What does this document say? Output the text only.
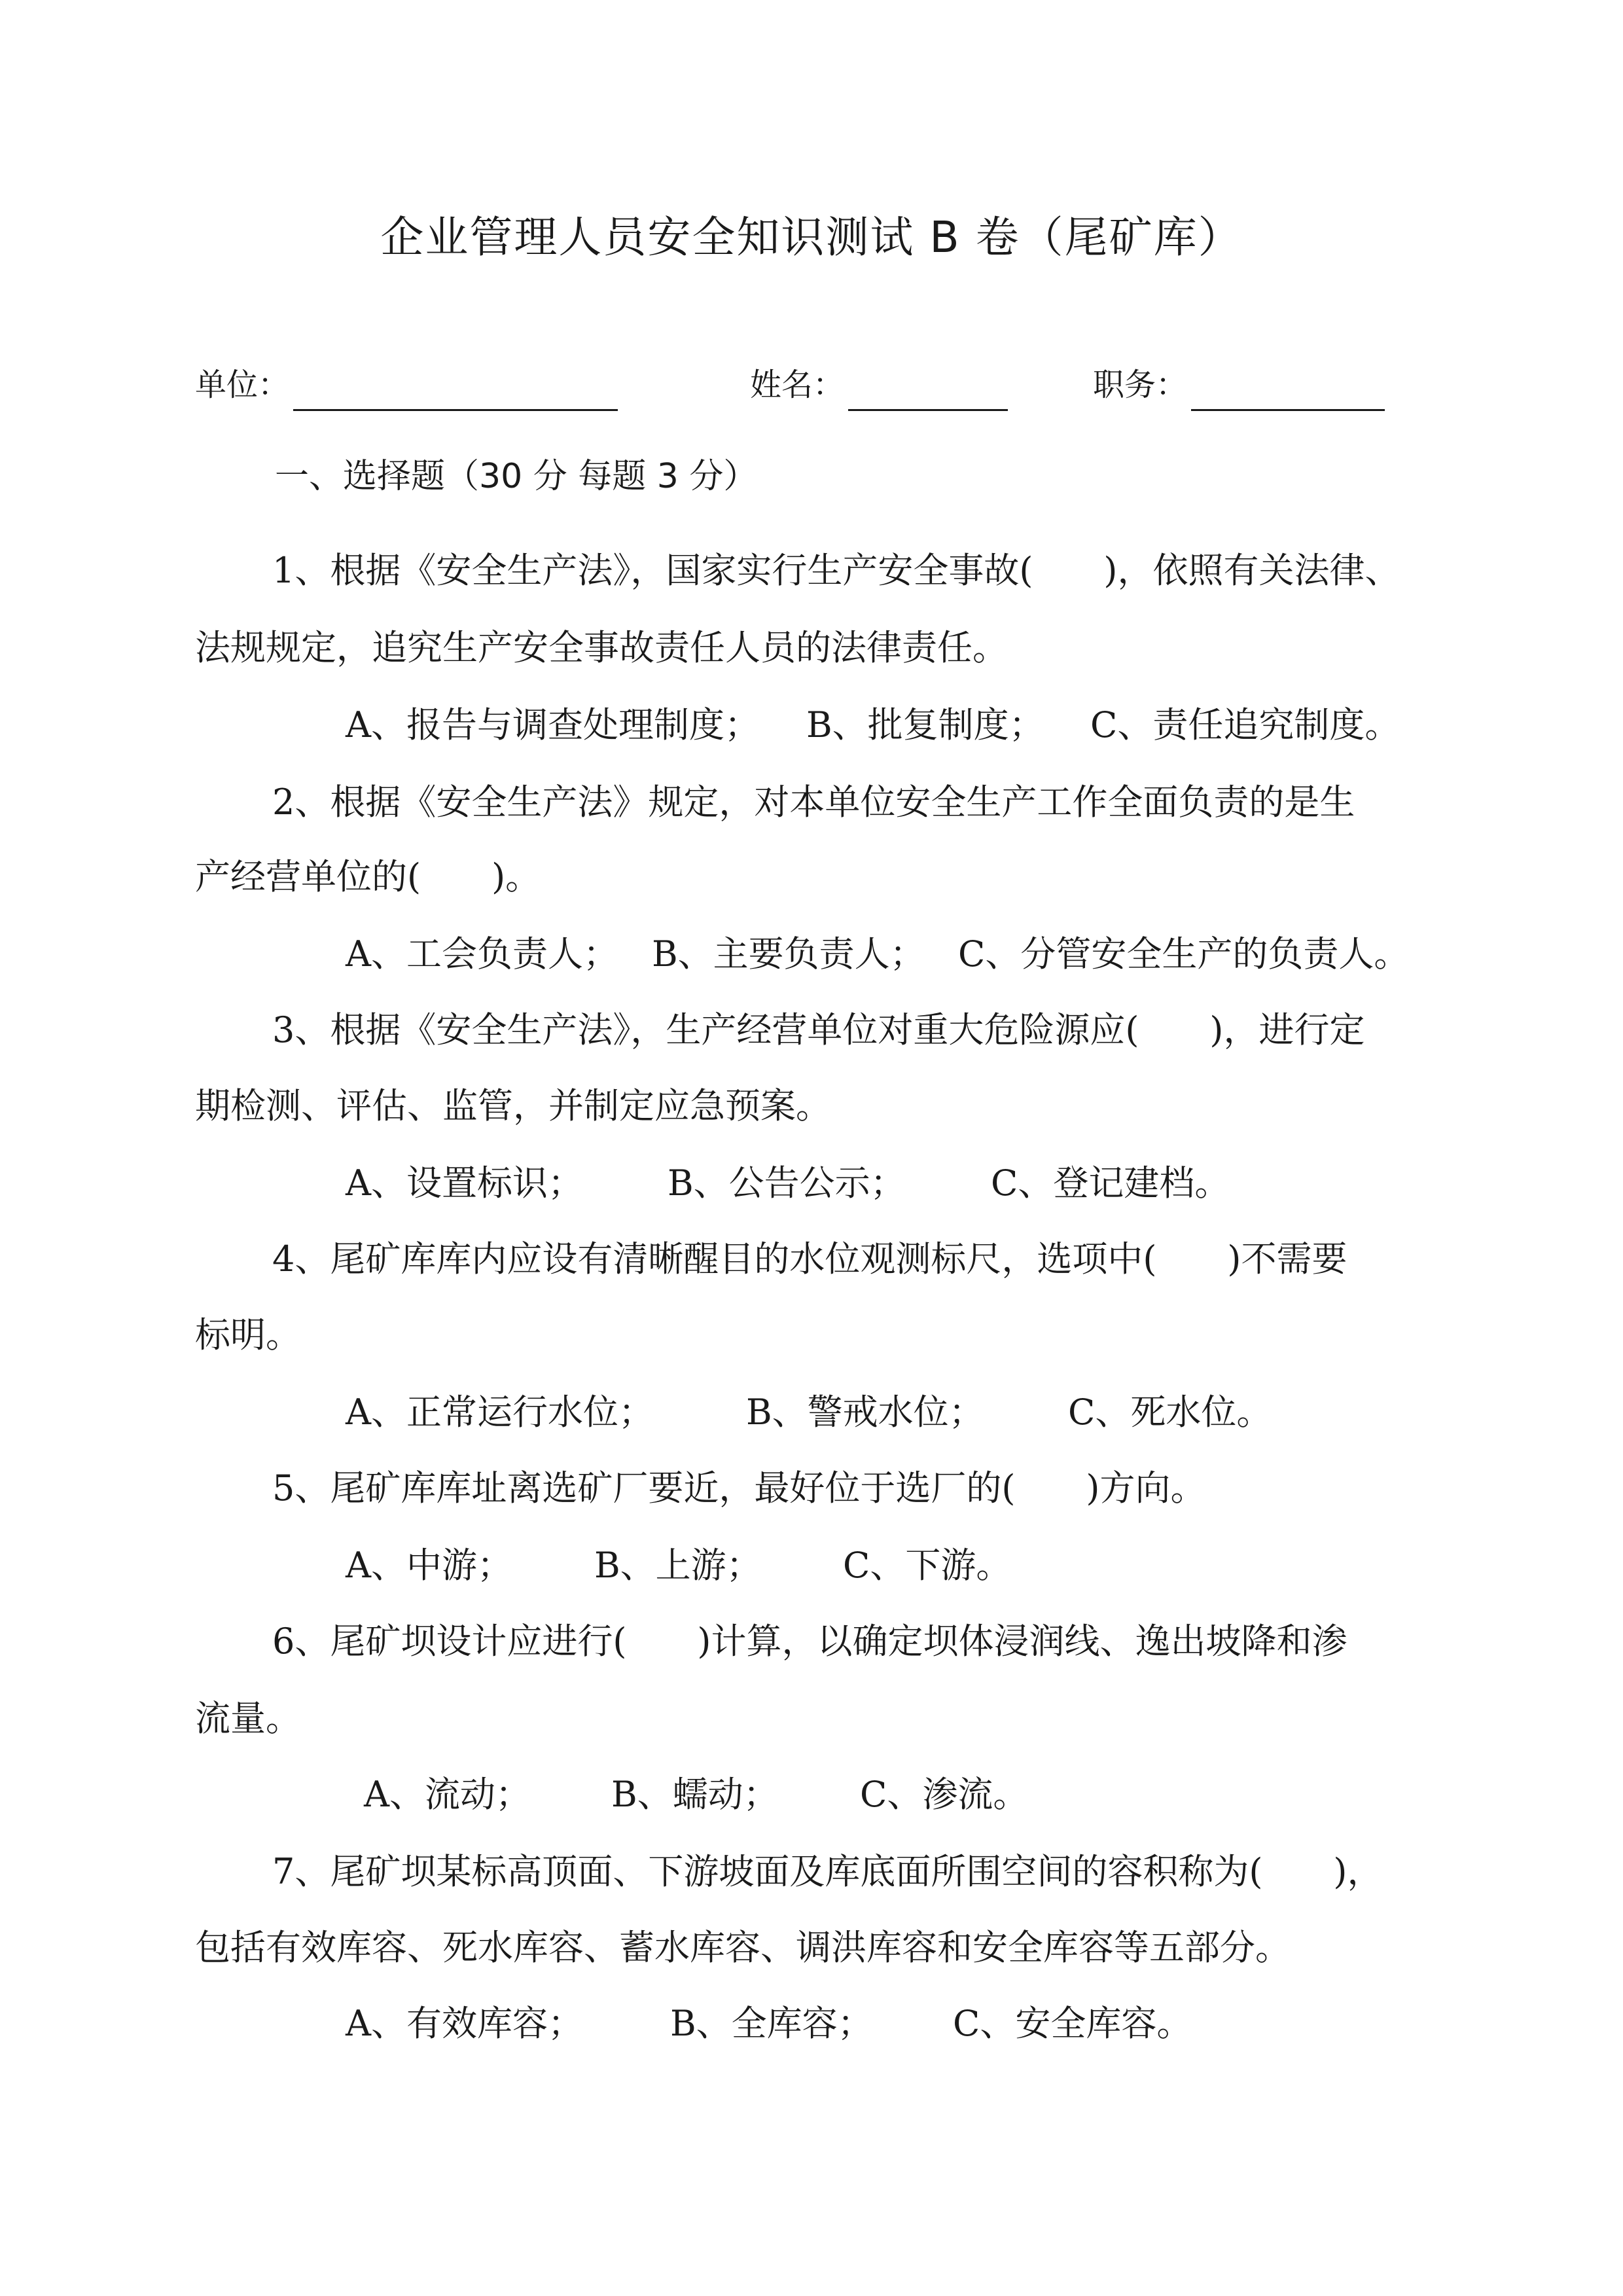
企业管理人员安全知识测试 B 卷（尾矿库）
单位：	姓名：	职务：
一、选择题（30 分 每题 3 分）
1、根据《安全生产法》，国家实行生产安全事故(　　)，依照有关法律、
法规规定，追究生产安全事故责任人员的法律责任。
A、报告与调查处理制度； B、批复制度； C、责任追究制度。
2、根据《安全生产法》规定，对本单位安全生产工作全面负责的是生
产经营单位的(　　)。
A、工会负责人； B、主要负责人； C、分管安全生产的负责人。
3、根据《安全生产法》，生产经营单位对重大危险源应(　　)，进行定
期检测、评估、监管，并制定应急预案。
A、设置标识； B、公告公示； C、登记建档。
4、尾矿库库内应设有清晰醒目的水位观测标尺，选项中(　　)不需要
标明。
A、正常运行水位；	B、警戒水位； C、死水位。
5、尾矿库库址离选矿厂要近，最好位于选厂的(　　)方向。
A、中游； B、上游； C、下游。
6、尾矿坝设计应进行(　　)计算，以确定坝体浸润线、逸出坡降和渗
流量。
A、流动； B、蠕动； C、渗流。
7、尾矿坝某标高顶面、下游坡面及库底面所围空间的容积称为(　　)，
包括有效库容、死水库容、蓄水库容、调洪库容和安全库容等五部分。
A、有效库容； B、全库容； C、安全库容。
